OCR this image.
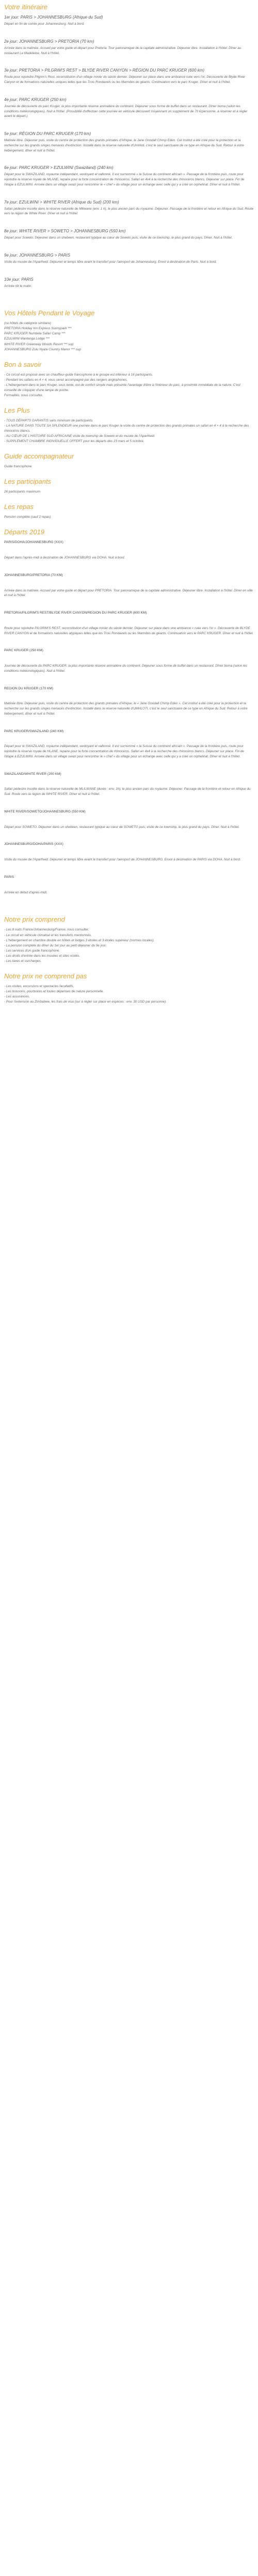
Votre itinéraire

1er jour: PARIS > JOHANNESBURG (Afrique du Sud)

Départ en fin de soirée pour Johannesburg. Nuit à bord.

2e jour: JOHANNESBURG > PRETORIA (70 km)

Arrivée dans la matinée. Accueil par votre guide et départ pour Pretoria. Tour panoramique de la capitale administrative. Déjeuner libre. Installation à l'hôtel. Dîner au restaurant Le Madeleine. Nuit à l'hôtel.

3e jour: PRETORIA > PILGRIM'S REST > BLYDE RIVER CANYON > RÉGION DU PARC KRUGER (600 km)

Route pour rejoindre Pilgrim's Rest, reconstitution d'un village minier du siècle dernier. Déjeuner sur place dans une ambiance ruée vers l'or. Découverte de Blyde River Canyon et de formations naturelles uniques telles que les Trois Rondavels ou les Marmites de géants. Continuation vers le parc Kruger. Dîner et nuit à l'hôtel.

4e jour: PARC KRUGER (250 km)

Journée de découverte du parc Kruger, la plus importante réserve animalière du continent. Déjeuner sous forme de buffet dans un restaurant. Dîner boma (selon les conditions météorologiques). Nuit à l'hôtel. (Possibilité d'effectuer cette journée en véhicule découvert moyennant un supplément de 70 €/personne, à réserver et à régler avant le départ.)

5e jour: RÉGION DU PARC KRUGER (170 km)

Matinée libre. Déjeuner puis, visite du centre de protection des grands primates d'Afrique, le Jane Goodall Chimp Eden. Cet institut a été créé pour la protection et la recherche sur les grands singes menacés d'extinction. Installé dans la réserve naturelle d'Umhloti, c'est le seul sanctuaire de ce type en Afrique du Sud. Retour à votre hébergement, dîner et nuit à l'hôtel.

6e jour: PARC KRUGER > EZULWINI (Swaziland) (240 km)

Départ pour le SWAZILAND, royaume indépendant, verdoyant et vallonné. Il est surnommé « la Suisse du continent africain ». Passage de la frontière puis, route pour rejoindre la réserve royale de MLANE, repaire pour la forte concentration de rhinocéros. Safari en 4x4 à la recherche des rhinocéros blancs. Déjeuner sur place. Fin de l'étape à EZULWINI. Arrivée dans un village swazi pour rencontrer le « chef » du village pour un échange avec celle qui y a créé un orphelinat. Dîner et nuit à l'hôtel.

7e jour: EZULWINI > WHITE RIVER (Afrique du Sud) (200 km)

Safari pédestre insolite dans la réserve naturelle de Mlilwane (env. 1 h), le plus ancien parc du royaume. Déjeuner. Passage de la frontière et retour en Afrique du Sud. Route vers la région de White River. Dîner et nuit à l'hôtel.

8e jour: WHITE RIVER > SOWETO > JOHANNESBURG (550 km)

Départ pour Soweto. Déjeuner dans un shebeen, restaurant typique au cœur de Soweto puis, visite de ce township, le plus grand du pays. Dîner. Nuit à l'hôtel.

9e jour: JOHANNESBURG > PARIS

Visite du musée de l'Apartheid. Déjeuner et temps libre avant le transfert pour l'aéroport de Johannesburg. Envol à destination de Paris. Nuit à bord.

10e jour: PARIS

Arrivée tôt le matin.

Vos Hôtels Pendant le Voyage

(ou hôtels de catégorie similaire)

PRETORIA Holiday Inn Express Sunnypark ***

PARC KRUGER Numbela Safari Camp ***

EZULWINI Mantenga Lodge ***

WHITE RIVER Greenway Woods Resort *** sup

JOHANNESBURG Zulu Nyala Country Manor *** sup

Bon à savoir

- Ce circuit est proposé avec un chauffeur-guide francophone à le groupe est inférieur à 16 participants.

- Pendant les safaris en 4 × 4, vous serez accompagné par des rangers anglophones.

- L'hébergement dans le parc Kruger, sous tente, est de confort simple mais présente l'avantage d'être à l'intérieur du parc, à proximité immédiate de la nature. C'est conseillé de s'équiper d'une lampe de poche.

Formalités, nous consulter.

Les Plus

- TOUS DÉPARTS GARANTIS sans minimum de participants.

- LA NATURE DANS TOUTE SA SPLENDEUR une journée dans le parc Kruger la visite du centre de protection des grands primates un safari en 4 × 4 à la recherche des rhinocéros blancs.

- AU CŒUR DE L'HISTOIRE SUD-AFRICAINE visite du township de Soweto et du musée de l'Apartheid.

- SUPPLÉMENT CHAMBRE INDIVIDUELLE OFFERT pour les départs des 23 mars et 5 octobre.

Guide accompagnateur

Guide francophone

Les participants

26 participants maximum

Les repas

Pension complète (sauf 2 repas)

Départs 2019

PARIS/DOHA/JOHANNESBURG (XXX)

Départ dans l'après-midi à destination de JOHANNESBURG via DOHA. Nuit à bord.

JOHANNESBURG/PRETORIA (70 KM)

Arrivée dans la matinée. Accueil par votre guide et départ pour PRETORIA. Tour panoramique de la capitale administrative. Déjeuner libre. Installation à l'hôtel. Dîner en ville et nuit à l'hôtel.

PRETORIA/PILGRIM'S REST/BLYDE RIVER CANYON/REGION DU PARC KRUGER (600 KM)

Route pour rejoindre PILGRIM'S REST, reconstitution d'un village minier du siècle dernier. Déjeuner sur place dans une ambiance « ruée vers l'or ». Découverte de BLYDE RIVER CANYON et de formations naturelles atypiques telles que les Trois Rondavels ou les Marmites de géants. Continuation vers le PARC KRUGER. Dîner et nuit à l'hôtel.

PARC KRUGER (250 KM)

Journée de découverte du PARC KRUGER, la plus importante réserve animalière du continent. Déjeuner sous forme de buffet dans un restaurant. Dîner boma (selon les conditions météorologiques). Nuit à l'hôtel.

REGION DU KRUGER (170 KM)

Matinée libre. Déjeuner puis, visite du centre de protection des grands primates d'Afrique, le « Jane Goodall Chimp Eden ». Cet institut a été créé pour la protection et la recherche sur les grands singes menacés d'extinction. Installé dans la réserve naturelle d'UMHLOTI, c'est le seul sanctuaire de ce type en Afrique du Sud. Retour à votre hébergement, dîner et nuit à l'hôtel.

PARC KRUGER/SWAZILAND (240 KM)

Départ pour le SWAZILAND, royaume indépendant, verdoyant et vallonné. Il est surnommé « la Suisse du continent africain ». Passage de la frontière puis, route pour rejoindre la réserve royale de HLANE, repaire pour la forte concentration de rhinocéros. Safari en 4x4 à la recherche des rhinocéros blancs. Déjeuner sur place. Fin de l'étape à EZULWINI. Arrivée dans un village swazi pour rencontrer le « chef » du village pour un échange avec celle qui y a créé un orphelinat. Dîner et nuit à l'hôtel.

SWAZILAND/WHITE RIVER (200 KM)

Safari pédestre insolite dans la réserve naturelle de MLILWANE (durée : env. 1h), le plus ancien parc du royaume. Déjeuner. Passage de la frontière et retour en Afrique du Sud. Route vers la région de WHITE RIVER. Dîner et nuit à l'hôtel.

WHITE RIVER/SOWETO/JOHANNESBURG (550 KM)

Départ pour SOWETO. Déjeuner dans un shebeen, restaurant typique au cœur de SOWETO puis, visite de ce township, le plus grand du pays. Dîner. Nuit à l'hôtel.

JOHANNESBURG/DOHA/PARIS (XXX)

Visite du musée de l'Apartheid. Déjeuner et temps libre avant le transfert pour l'aéroport de JOHANNESBURG. Envol à destination de PARIS via DOHA. Nuit à bord.

PARIS

Arrivée en début d'après-midi.

Notre prix comprend

- Les 8 nuits France/Johannesburg/France, nous consulter.

- Le circuit en véhicule climatisé et les transferts mentionnés.

- L'hébergement en chambre double en hôtels et lodges 3 étoiles et 3 étoiles supérieur (normes locales).

- La pension complète du dîner du 1er jour au petit déjeuner du 9e jour.

- Les services d'un guide francophone.

- Les droits d'entrée dans les musées et sites visités.

- Les taxes et surcharges.

Notre prix ne comprend pas

- Les visites, excursions et spectacles facultatifs.

- Les boissons, pourboires et toutes dépenses de nature personnelle.

- Les assurances.

- Pour l'extension au Zimbabwe, les frais de visa (sur à régler sur place en espèces : env. 30 USD par personne).
